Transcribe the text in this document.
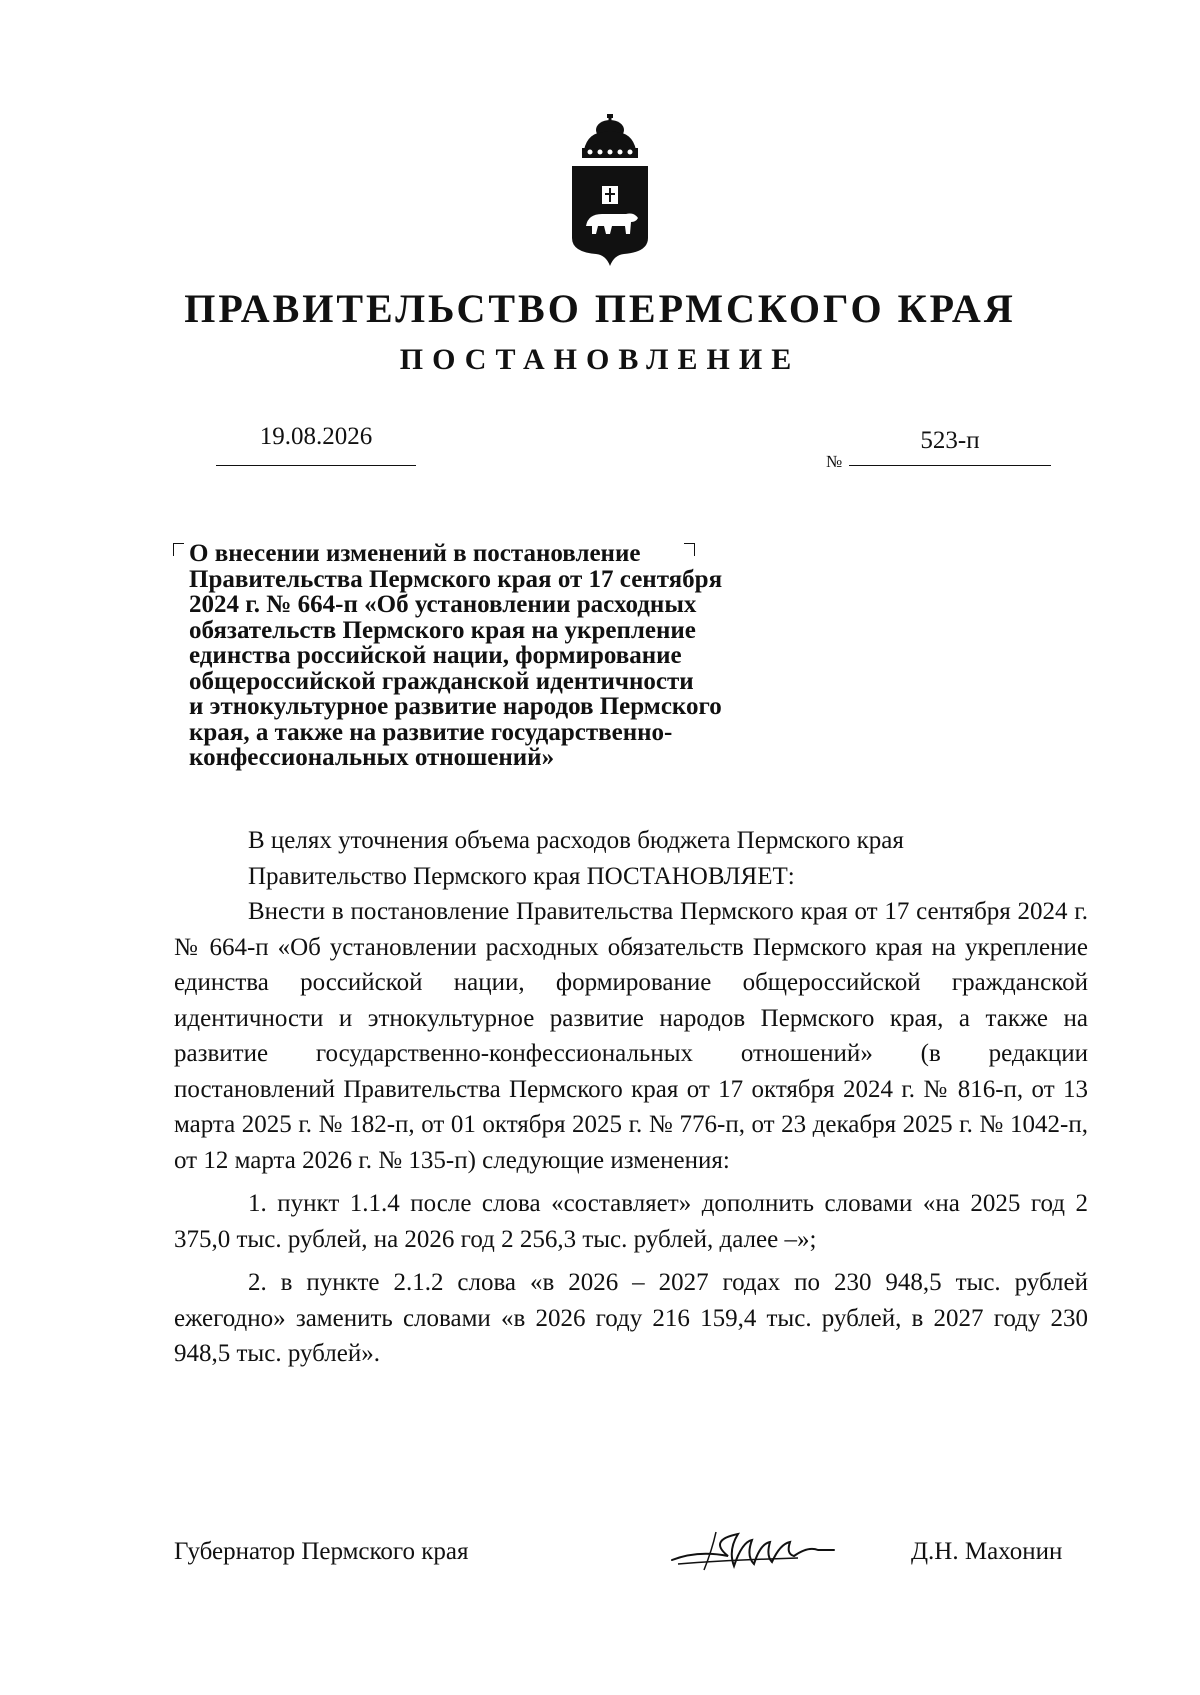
ПРАВИТЕЛЬСТВО ПЕРМСКОГО КРАЯ
ПОСТАНОВЛЕНИЕ
19.08.2026
№
523-п

О внесении изменений в постановление
Правительства Пермского края от 17 сентября
2024 г. № 664-п «Об установлении расходных
обязательств Пермского края на укрепление
единства российской нации, формирование
общероссийской гражданской идентичности
и этнокультурное развитие народов Пермского
края, а также на развитие государственно-
конфессиональных отношений»

В целях уточнения объема расходов бюджета Пермского края

Правительство Пермского края ПОСТАНОВЛЯЕТ:

Внести в постановление Правительства Пермского края от 17 сентября 2024 г. № 664-п «Об установлении расходных обязательств Пермского края на укрепление единства российской нации, формирование общероссийской гражданской идентичности и этнокультурное развитие народов Пермского края, а также на развитие государственно-конфессиональных отношений» (в редакции постановлений Правительства Пермского края от 17 октября 2024 г. № 816-п, от 13 марта 2025 г. № 182-п, от 01 октября 2025 г. № 776-п, от 23 декабря 2025 г. № 1042-п, от 12 марта 2026 г. № 135-п) следующие изменения:

1. пункт 1.1.4 после слова «составляет» дополнить словами «на 2025 год 2 375,0 тыс. рублей, на 2026 год 2 256,3 тыс. рублей, далее –»;

2. в пункте 2.1.2 слова «в 2026 – 2027 годах по 230 948,5 тыс. рублей ежегодно» заменить словами «в 2026 году 216 159,4 тыс. рублей, в 2027 году 230 948,5 тыс. рублей».

Губернатор Пермского края	Д.Н. Махонин
